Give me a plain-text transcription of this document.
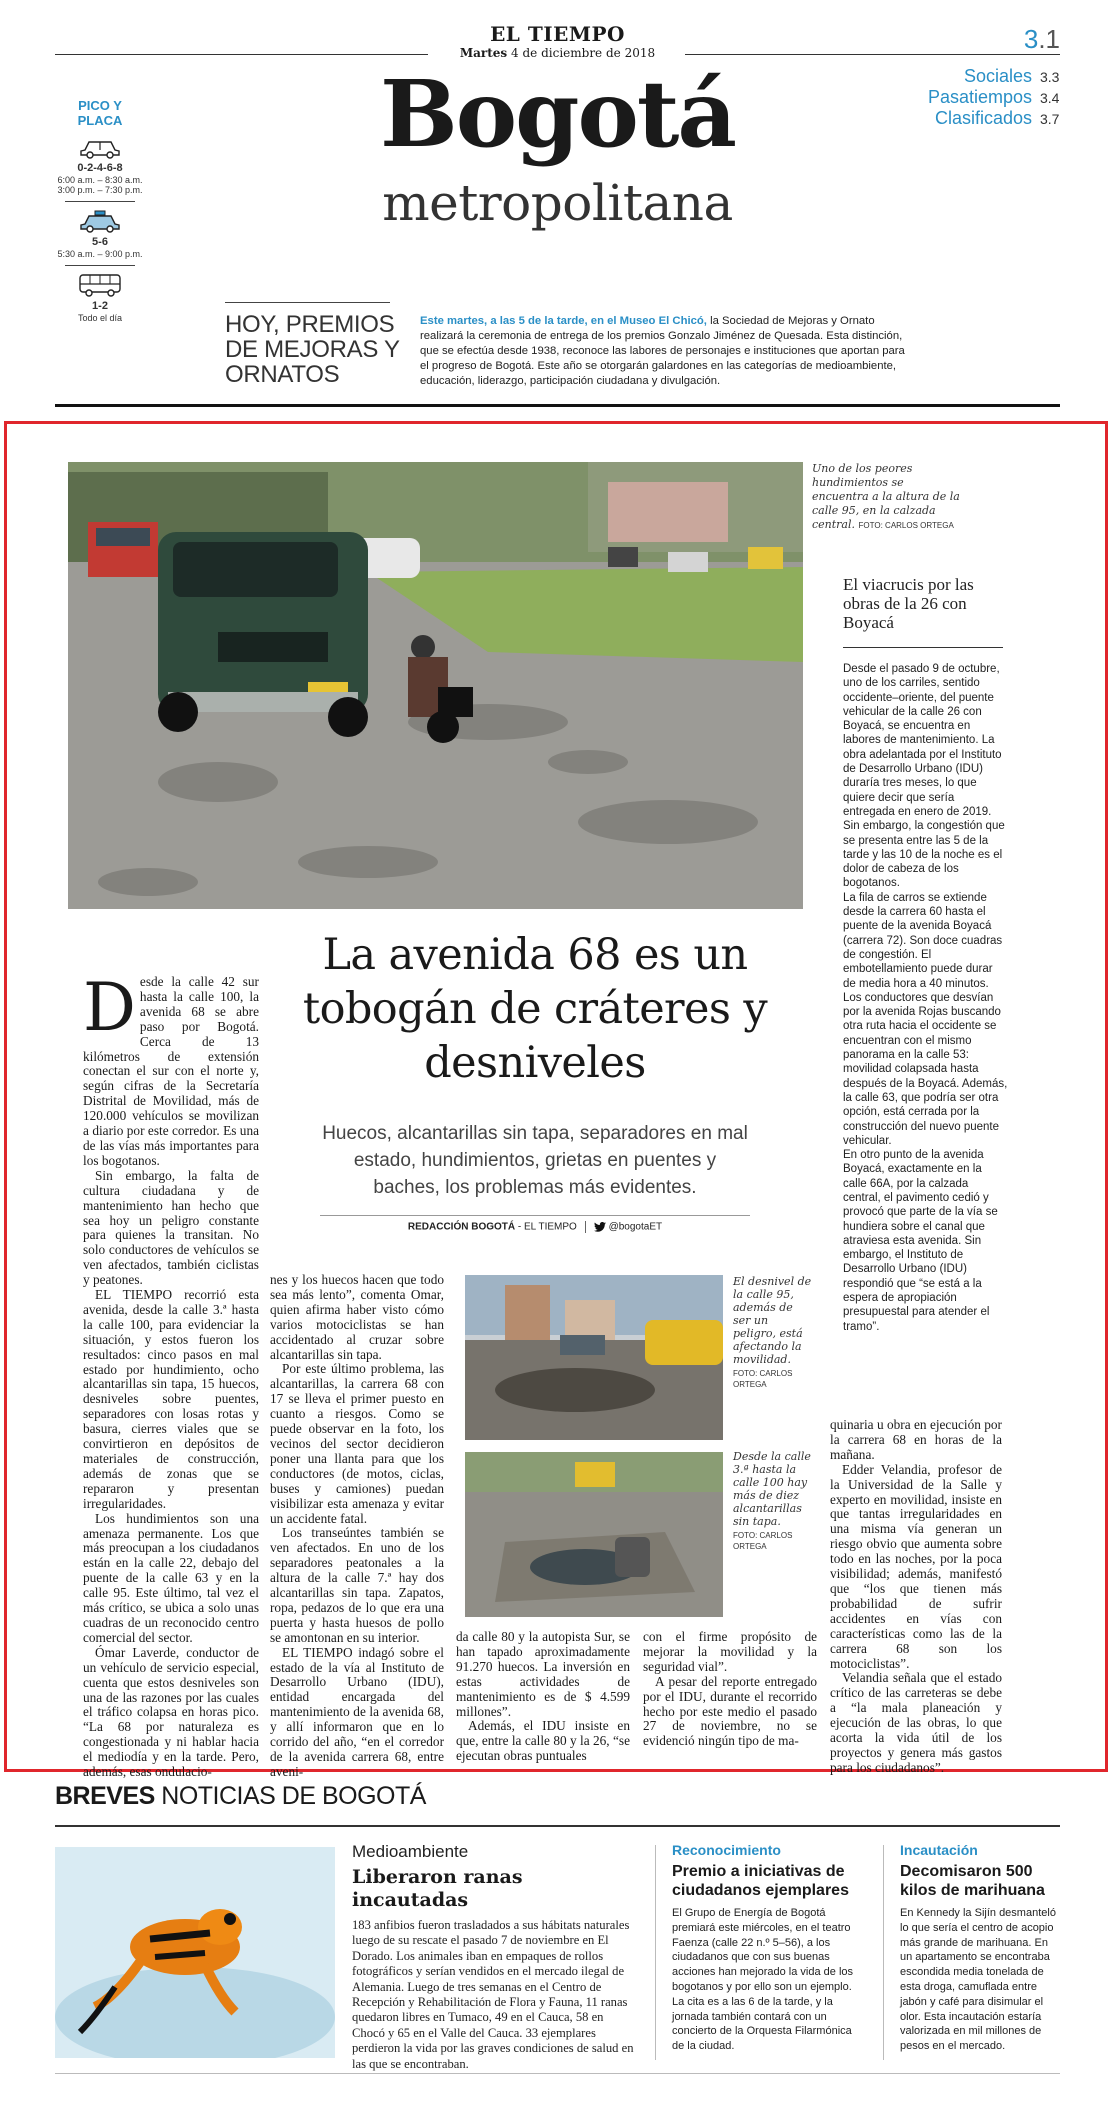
EL TIEMPO
Martes 4 de diciembre de 2018	3.1
Bogotá
metropolitana
Sociales 3.3
Pasatiempos 3.4
Clasificados 3.7
PICO Y PLACA
0-2-4-6-8
6:00 a.m. – 8:30 a.m.
3:00 p.m. – 7:30 p.m.
5-6
5:30 a.m. – 9:00 p.m.
1-2
Todo el día	HOY, PREMIOS DE MEJORAS Y ORNATOS
Este martes, a las 5 de la tarde, en el Museo El Chicó, la Sociedad de Mejoras y Ornato realizará la ceremonia de entrega de los premios Gonzalo Jiménez de Quesada. Esta distinción, que se efectúa desde 1938, reconoce las labores de personajes e instituciones que aportan para el progreso de Bogotá. Este año se otorgarán galardones en las categorías de medioambiente, educación, liderazgo, participación ciudadana y divulgación.
Uno de los peores hundimientos se encuentra a la altura de la calle 95, en la calzada central. FOTO: CARLOS ORTEGA
El viacrucis por las obras de la 26 con Boyacá
Desde el pasado 9 de octubre, uno de los carriles, sentido occidente–oriente, del puente vehicular de la calle 26 con Boyacá, se encuentra en labores de mantenimiento. La obra adelantada por el Instituto de Desarrollo Urbano (IDU) duraría tres meses, lo que quiere decir que sería entregada en enero de 2019. Sin embargo, la congestión que se presenta entre las 5 de la tarde y las 10 de la noche es el dolor de cabeza de los bogotanos.
La fila de carros se extiende desde la carrera 60 hasta el puente de la avenida Boyacá (carrera 72). Son doce cuadras de congestión. El embotellamiento puede durar de media hora a 40 minutos. Los conductores que desvían por la avenida Rojas buscando otra ruta hacia el occidente se encuentran con el mismo panorama en la calle 53: movilidad colapsada hasta después de la Boyacá. Además, la calle 63, que podría ser otra opción, está cerrada por la construcción del nuevo puente vehicular.
En otro punto de la avenida Boyacá, exactamente en la calle 66A, por la calzada central, el pavimento cedió y provocó que parte de la vía se hundiera sobre el canal que atraviesa esta avenida. Sin embargo, el Instituto de Desarrollo Urbano (IDU) respondió que “se está a la espera de apropiación presupuestal para atender el tramo”.
La avenida 68 es un tobogán de cráteres y desniveles
Huecos, alcantarillas sin tapa, separadores en mal estado, hundimientos, grietas en puentes y baches, los problemas más evidentes.
REDACCIÓN BOGOTÁ - EL TIEMPO	@bogotaET
D esde la calle 42 sur hasta la calle 100, la avenida 68 se abre paso por Bogotá. Cerca de 13 kilómetros de extensión conectan el sur con el norte y, según cifras de la Secretaría Distrital de Movilidad, más de 120.000 vehículos se movilizan a diario por este corredor. Es una de las vías más importantes para los bogotanos.
Sin embargo, la falta de cultura ciudadana y de mantenimiento han hecho que sea hoy un peligro constante para quienes la transitan. No solo conductores de vehículos se ven afectados, también ciclistas y peatones.
EL TIEMPO recorrió esta avenida, desde la calle 3.ª hasta la calle 100, para evidenciar la situación, y estos fueron los resultados: cinco pasos en mal estado por hundimiento, ocho alcantarillas sin tapa, 15 huecos, desniveles sobre puentes, separadores con losas rotas y basura, cierres viales que se convirtieron en depósitos de materiales de construcción, además de zonas que se repararon y presentan irregularidades.
Los hundimientos son una amenaza permanente. Los que más preocupan a los ciudadanos están en la calle 22, debajo del puente de la calle 63 y en la calle 95. Este último, tal vez el más crítico, se ubica a solo unas cuadras de un reconocido centro comercial del sector.
Ómar Laverde, conductor de un vehículo de servicio especial, cuenta que estos desniveles son una de las razones por las cuales el tráfico colapsa en horas pico. “La 68 por naturaleza es congestionada y ni hablar hacia el mediodía y en la tarde. Pero, además, esas ondulacio-
nes y los huecos hacen que todo sea más lento”, comenta Omar, quien afirma haber visto cómo varios motociclistas se han accidentado al cruzar sobre alcantarillas sin tapa.
Por este último problema, las alcantarillas, la carrera 68 con 17 se lleva el primer puesto en cuanto a riesgos. Como se puede observar en la foto, los vecinos del sector decidieron poner una llanta para que los conductores (de motos, ciclas, buses y camiones) puedan visibilizar esta amenaza y evitar un accidente fatal.
Los transeúntes también se ven afectados. En uno de los separadores peatonales a la altura de la calle 7.ª hay dos alcantarillas sin tapa. Zapatos, ropa, pedazos de lo que era una puerta y hasta huesos de pollo se amontonan en su interior.
EL TIEMPO indagó sobre el estado de la vía al Instituto de Desarrollo Urbano (IDU), entidad encargada del mantenimiento de la avenida 68, y allí informaron que en lo corrido del año, “en el corredor de la avenida carrera 68, entre aveni-
da calle 80 y la autopista Sur, se han tapado aproximadamente 91.270 huecos. La inversión en estas actividades de mantenimiento es de $ 4.599 millones”.
Además, el IDU insiste en que, entre la calle 80 y la 26, “se ejecutan obras puntuales
con el firme propósito de mejorar la movilidad y la seguridad vial”.
A pesar del reporte entregado por el IDU, durante el recorrido hecho por este medio el pasado 27 de noviembre, no se evidenció ningún tipo de ma-
quinaria u obra en ejecución por la carrera 68 en horas de la mañana.
Edder Velandia, profesor de la Universidad de la Salle y experto en movilidad, insiste en que tantas irregularidades en una misma vía generan un riesgo obvio que aumenta sobre todo en las noches, por la poca visibilidad; además, manifestó que “los que tienen más probabilidad de sufrir accidentes en vías con características como las de la carrera 68 son los motociclistas”.
Velandia señala que el estado crítico de las carreteras se debe a “la mala planeación y ejecución de las obras, lo que acorta la vida útil de los proyectos y genera más gastos para los ciudadanos”.
El desnivel de la calle 95, además de ser un peligro, está afectando la movilidad.
FOTO: CARLOS ORTEGA
Desde la calle 3.ª hasta la calle 100 hay más de diez alcantarillas sin tapa.
FOTO: CARLOS ORTEGA
BREVES NOTICIAS DE BOGOTÁ
Medioambiente
Liberaron ranas incautadas
183 anfibios fueron trasladados a sus hábitats naturales luego de su rescate el pasado 7 de noviembre en El Dorado. Los animales iban en empaques de rollos fotográficos y serían vendidos en el mercado ilegal de Alemania. Luego de tres semanas en el Centro de Recepción y Rehabilitación de Flora y Fauna, 11 ranas quedaron libres en Tumaco, 49 en el Cauca, 58 en Chocó y 65 en el Valle del Cauca. 33 ejemplares perdieron la vida por las graves condiciones de salud en las que se encontraban.
Reconocimiento
Premio a iniciativas de ciudadanos ejemplares
El Grupo de Energía de Bogotá premiará este miércoles, en el teatro Faenza (calle 22 n.º 5–56), a los ciudadanos que con sus buenas acciones han mejorado la vida de los bogotanos y por ello son un ejemplo. La cita es a las 6 de la tarde, y la jornada también contará con un concierto de la Orquesta Filarmónica de la ciudad.
Incautación
Decomisaron 500 kilos de marihuana
En Kennedy la Sijín desmanteló lo que sería el centro de acopio más grande de marihuana. En un apartamento se encontraba escondida media tonelada de esta droga, camuflada entre jabón y café para disimular el olor. Esta incautación estaría valorizada en mil millones de pesos en el mercado.
